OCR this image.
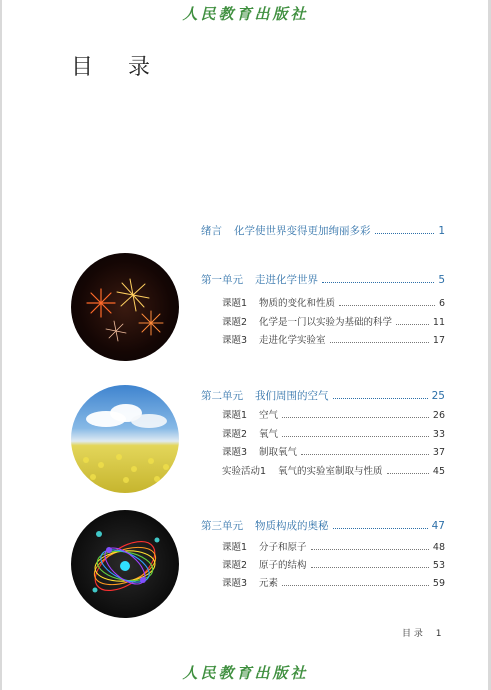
人民教育出版社
目 录
绪言 化学使世界变得更加绚丽多彩	1
第一单元 走进化学世界	5
课题1 物质的变化和性质	6
课题2 化学是一门以实验为基础的科学	11
课题3 走进化学实验室	17
第二单元 我们周围的空气	25
课题1 空气	26
课题2 氧气	33
课题3 制取氧气	37
实验活动1 氧气的实验室制取与性质	45
第三单元 物质构成的奥秘	47
课题1 分子和原子	48
课题2 原子的结构	53
课题3 元素	59
目 录 1
人民教育出版社
